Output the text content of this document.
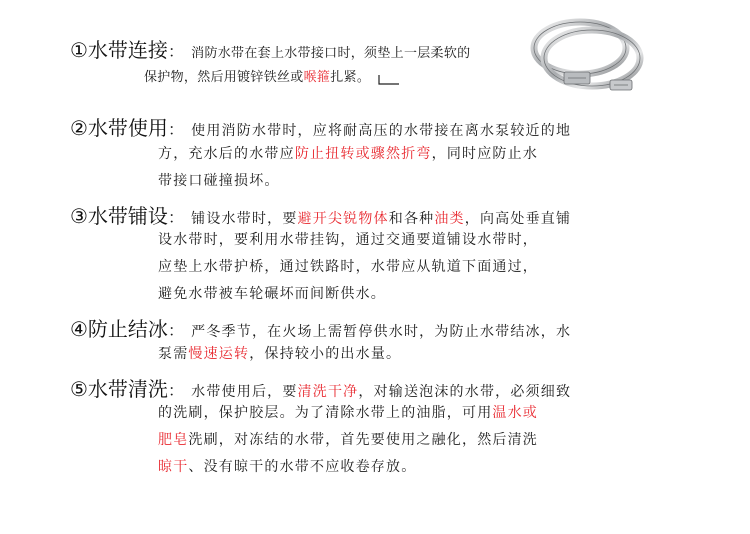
①水带连接： 消防水带在套上水带接口时，须垫上一层柔软的
保护物，然后用镀锌铁丝或喉箍扎紧。
②水带使用： 使用消防水带时，应将耐高压的水带接在离水泵较近的地
方，充水后的水带应防止扭转或骤然折弯，同时应防止水
带接口碰撞损坏。
③水带铺设： 铺设水带时，要避开尖锐物体和各种油类，向高处垂直铺
设水带时，要利用水带挂钩，通过交通要道铺设水带时，
应垫上水带护桥，通过铁路时，水带应从轨道下面通过，
避免水带被车轮碾坏而间断供水。
④防止结冰： 严冬季节，在火场上需暂停供水时，为防止水带结冰，水
泵需慢速运转，保持较小的出水量。
⑤水带清洗： 水带使用后，要清洗干净，对输送泡沫的水带，必须细致
的洗刷，保护胶层。为了清除水带上的油脂，可用温水或
肥皂洗刷，对冻结的水带，首先要使用之融化，然后清洗
晾干、没有晾干的水带不应收卷存放。
